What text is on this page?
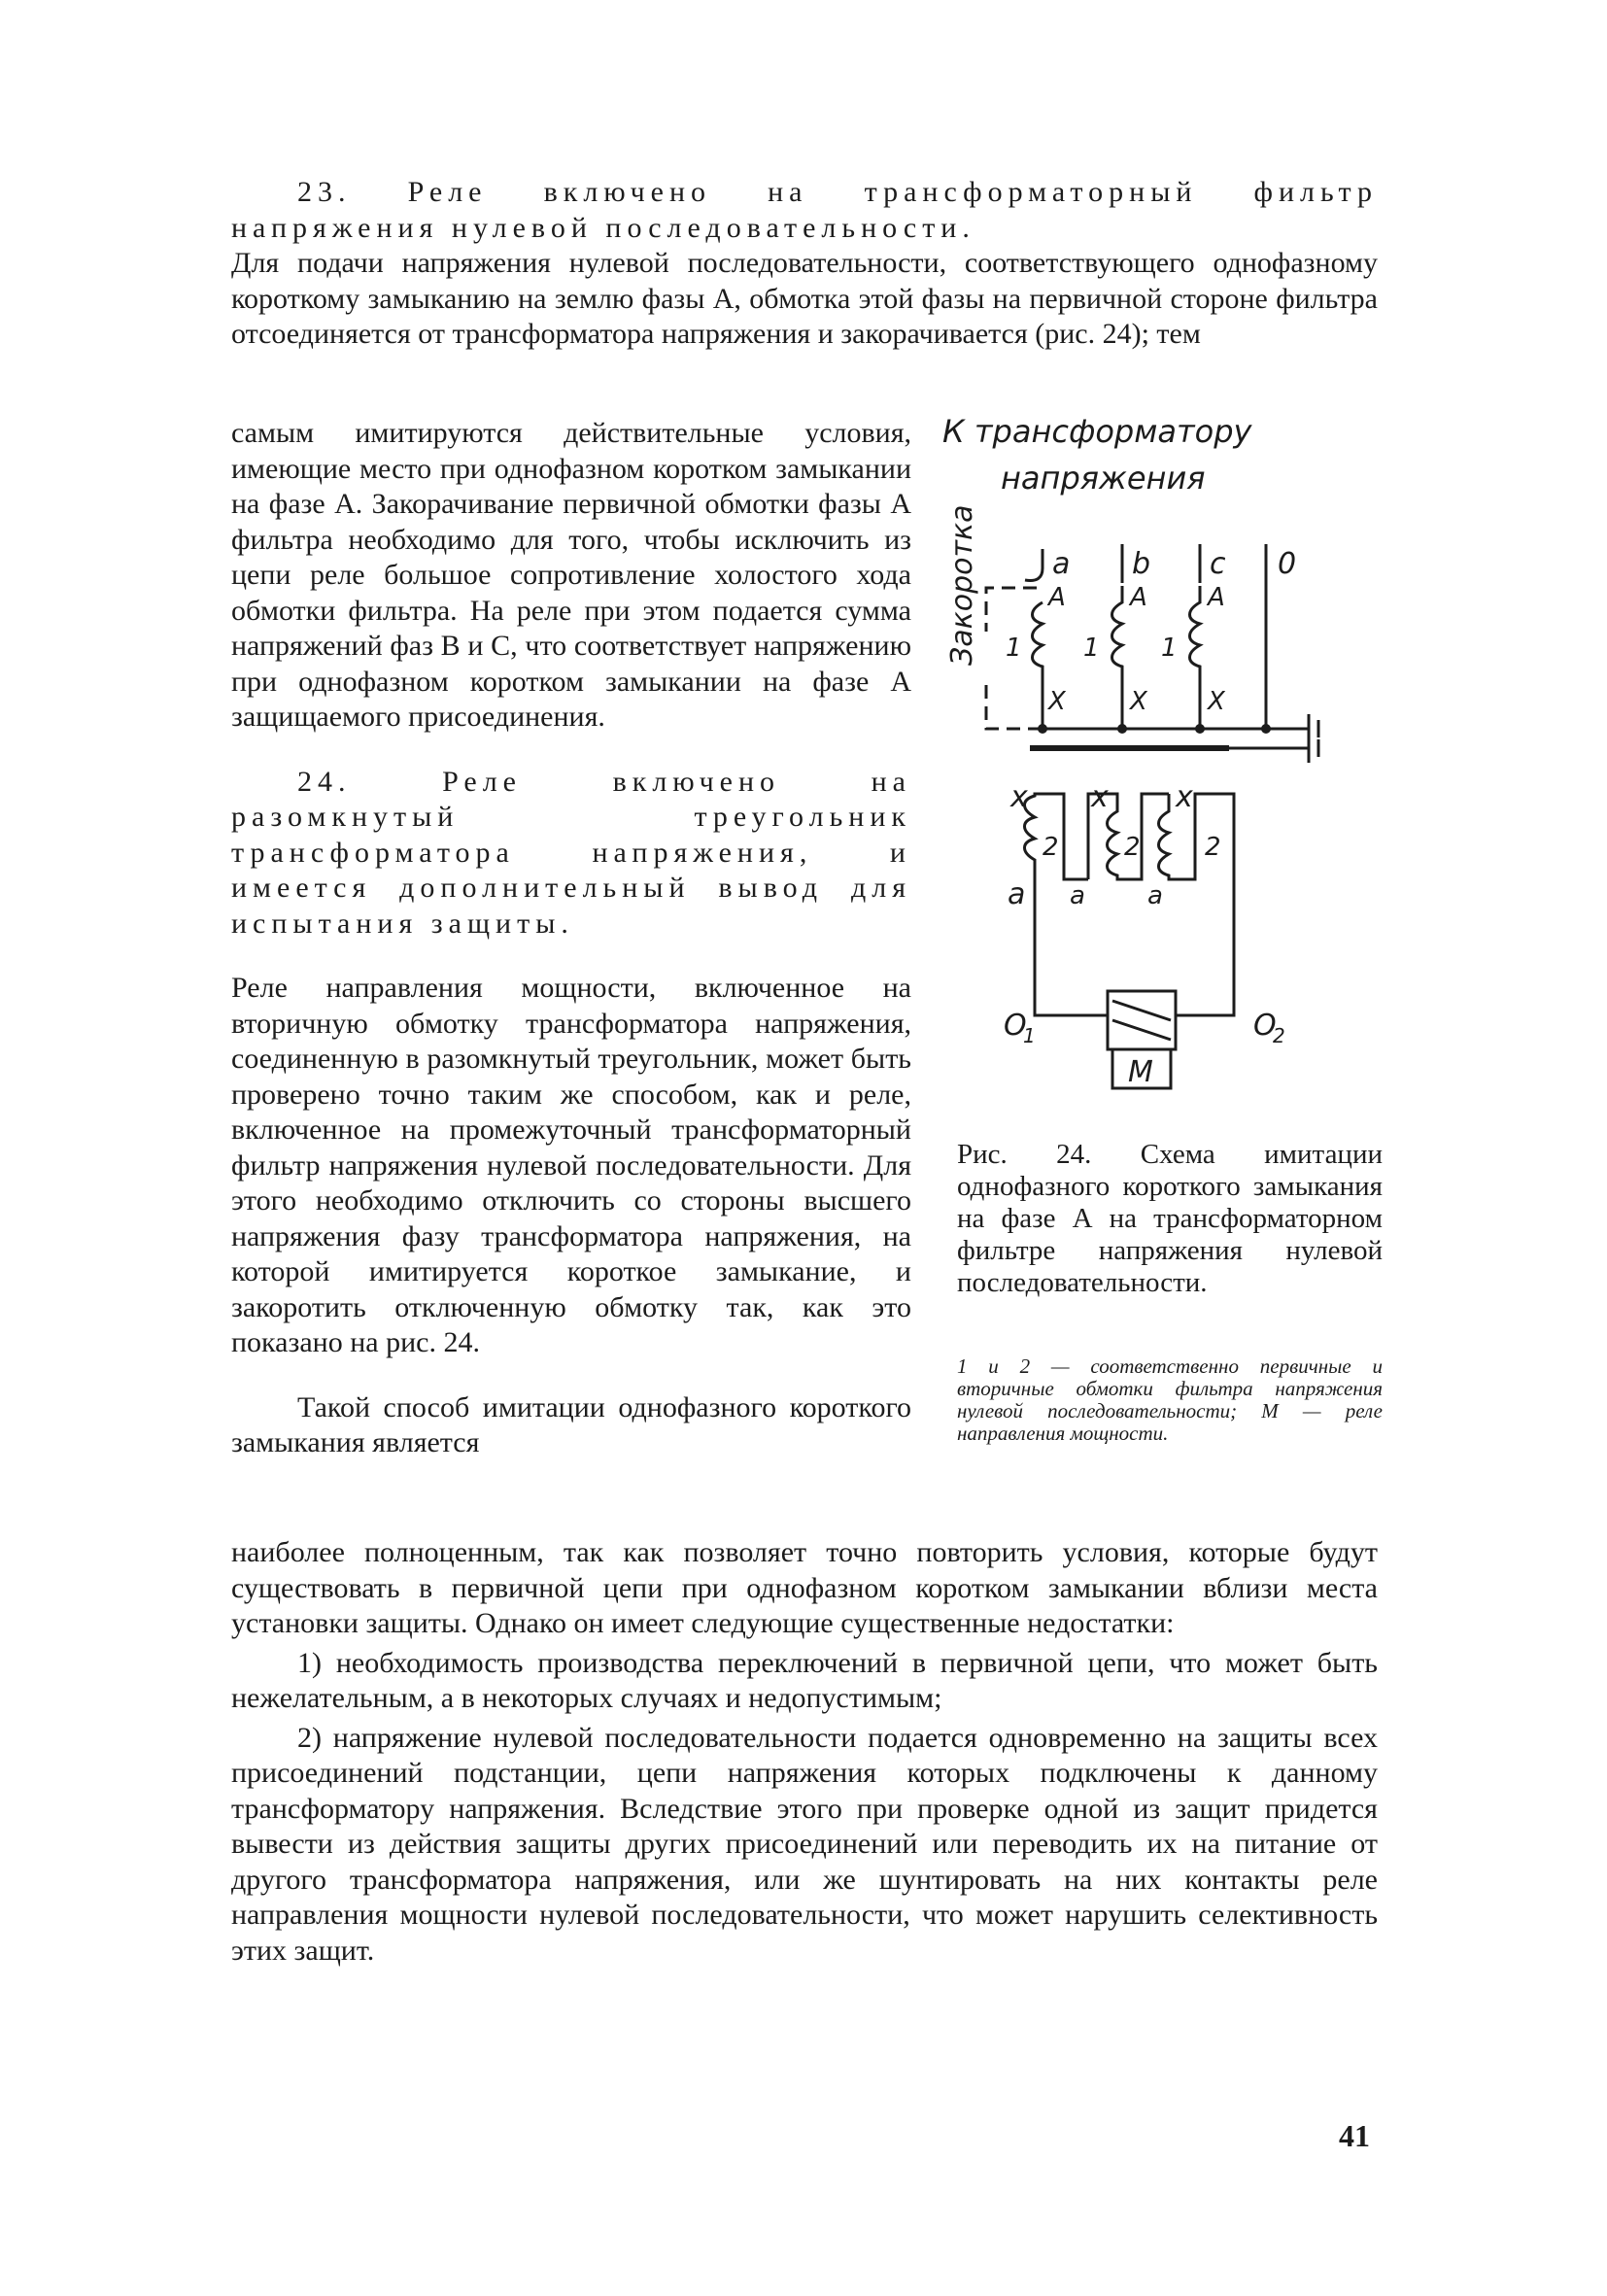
23. Реле включено на трансформаторный фильтр напряжения нулевой последовательности.

Для подачи напряжения нулевой последовательности, соответствующего однофазному короткому замыканию на землю фазы А, обмотка этой фазы на первичной стороне фильтра отсоединяется от трансформатора напряжения и закорачивается (рис. 24); тем

самым имитируются действительные условия, имеющие место при однофазном коротком замыкании на фазе А. Закорачивание первичной обмотки фазы А фильтра необходимо для того, чтобы исключить из цепи реле большое сопротивление холостого хода обмотки фильтра. На реле при этом подается сумма напряжений фаз В и С, что соответствует напряжению при однофазном коротком замыкании на фазе А защищаемого присоединения.

24. Реле включено на разомкнутый треугольник трансформатора напряжения, и имеется дополнительный вывод для испытания защиты.

Реле направления мощности, включенное на вторичную обмотку трансформатора напряжения, соединенную в разомкнутый треугольник, может быть проверено точно таким же способом, как и реле, включенное на промежуточный трансформаторный фильтр напряжения нулевой последовательности. Для этого необходимо отключить со стороны высшего напряжения фазу трансформатора напряжения, на которой имитируется короткое замыкание, и закоротить отключенную обмотку так, как это показано на рис. 24.

Такой способ имитации однофазного короткого замыкания является

наиболее полноценным, так как позволяет точно повторить условия, которые будут существовать в первичной цепи при однофазном коротком замыкании вблизи места установки защиты. Однако он имеет следующие существенные недостатки:

1) необходимость производства переключений в первичной цепи, что может быть нежелательным, а в некоторых случаях и недопустимым;

2) напряжение нулевой последовательности подается одновременно на защиты всех присоединений подстанции, цепи напряжения которых подключены к данному трансформатору напряжения. Вследствие этого при проверке одной из защит придется вывести из действия защиты других присоединений или переводить их на питание от другого трансформатора напряжения, или же шунтировать на них контакты реле направления мощности нулевой последовательности, что может нарушить селективность этих защит.

К трансформатору
напряжения
Закоротка	a b c 0
A	A A
1 1 1
X	X X
x x x
2	2	2
a a a
O
1	O
2
M
Рис. 24. Схема имитации однофазного короткого замыкания на фазе А на трансформаторном фильтре напряжения нулевой последовательности.
1 и 2 — соответственно первичные и вторичные обмотки фильтра напряжения нулевой последовательности; М — реле направления мощности.
41
